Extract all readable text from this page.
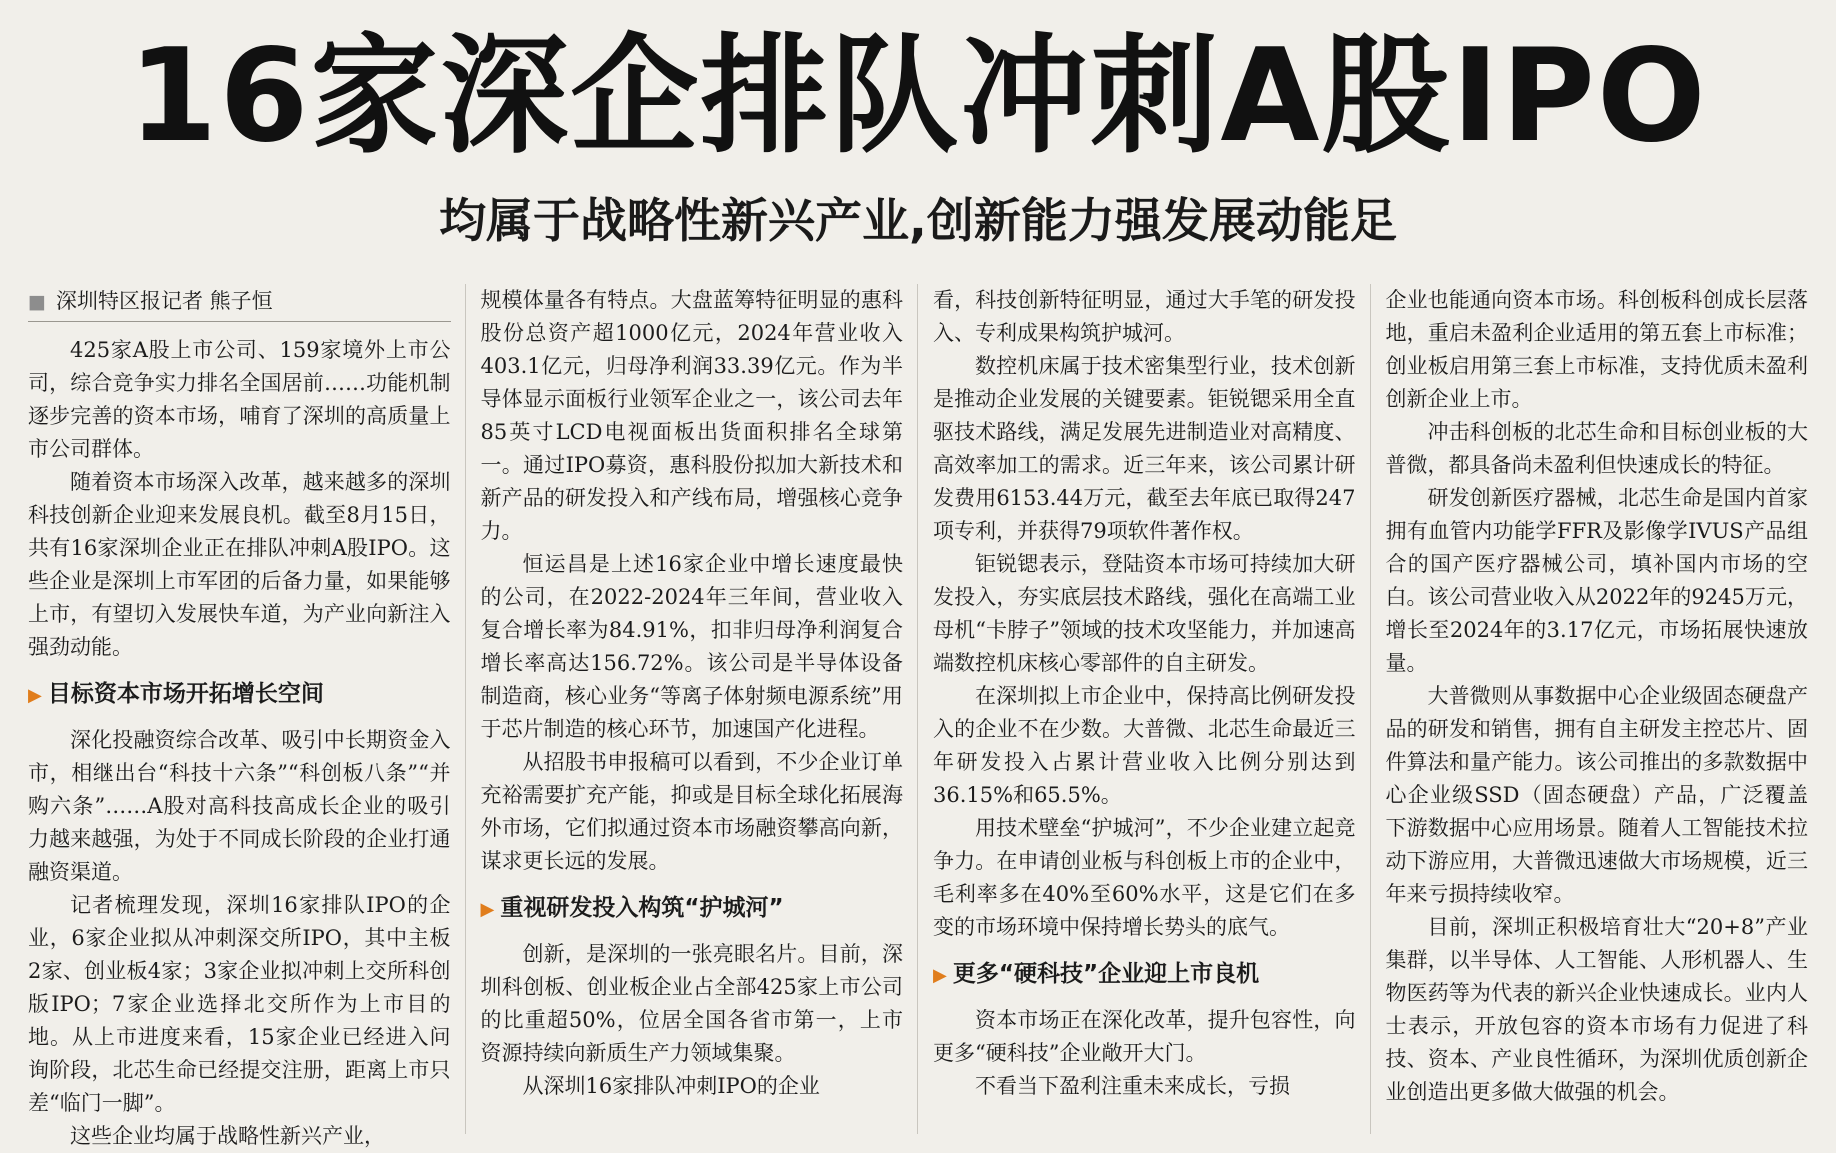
16家深企排队冲刺A股IPO
均属于战略性新兴产业,创新能力强发展动能足
■ 深圳特区报记者 熊子恒

425家A股上市公司、159家境外上市公司，综合竞争实力排名全国居前……功能机制逐步完善的资本市场，哺育了深圳的高质量上市公司群体。

随着资本市场深入改革，越来越多的深圳科技创新企业迎来发展良机。截至8月15日，共有16家深圳企业正在排队冲刺A股IPO。这些企业是深圳上市军团的后备力量，如果能够上市，有望切入发展快车道，为产业向新注入强劲动能。

▶ 目标资本市场开拓增长空间

深化投融资综合改革、吸引中长期资金入市，相继出台“科技十六条”“科创板八条”“并购六条”……A股对高科技高成长企业的吸引力越来越强，为处于不同成长阶段的企业打通融资渠道。

记者梳理发现，深圳16家排队IPO的企业，6家企业拟从冲刺深交所IPO，其中主板2家、创业板4家；3家企业拟冲刺上交所科创版IPO；7家企业选择北交所作为上市目的地。从上市进度来看，15家企业已经进入问询阶段，北芯生命已经提交注册，距离上市只差“临门一脚”。

这些企业均属于战略性新兴产业，

规模体量各有特点。大盘蓝筹特征明显的惠科股份总资产超1000亿元，2024年营业收入403.1亿元，归母净利润33.39亿元。作为半导体显示面板行业领军企业之一，该公司去年85英寸LCD电视面板出货面积排名全球第一。通过IPO募资，惠科股份拟加大新技术和新产品的研发投入和产线布局，增强核心竞争力。

恒运昌是上述16家企业中增长速度最快的公司，在2022-2024年三年间，营业收入复合增长率为84.91%，扣非归母净利润复合增长率高达156.72%。该公司是半导体设备制造商，核心业务“等离子体射频电源系统”用于芯片制造的核心环节，加速国产化进程。

从招股书申报稿可以看到，不少企业订单充裕需要扩充产能，抑或是目标全球化拓展海外市场，它们拟通过资本市场融资攀高向新，谋求更长远的发展。

▶ 重视研发投入构筑“护城河”

创新，是深圳的一张亮眼名片。目前，深圳科创板、创业板企业占全部425家上市公司的比重超50%，位居全国各省市第一，上市资源持续向新质生产力领域集聚。

从深圳16家排队冲刺IPO的企业

看，科技创新特征明显，通过大手笔的研发投入、专利成果构筑护城河。

数控机床属于技术密集型行业，技术创新是推动企业发展的关键要素。钜锐锶采用全直驱技术路线，满足发展先进制造业对高精度、高效率加工的需求。近三年来，该公司累计研发费用6153.44万元，截至去年底已取得247项专利，并获得79项软件著作权。

钜锐锶表示，登陆资本市场可持续加大研发投入，夯实底层技术路线，强化在高端工业母机“卡脖子”领域的技术攻坚能力，并加速高端数控机床核心零部件的自主研发。

在深圳拟上市企业中，保持高比例研发投入的企业不在少数。大普微、北芯生命最近三年研发投入占累计营业收入比例分别达到36.15%和65.5%。

用技术壁垒“护城河”，不少企业建立起竞争力。在申请创业板与科创板上市的企业中，毛利率多在40%至60%水平，这是它们在多变的市场环境中保持增长势头的底气。

▶ 更多“硬科技”企业迎上市良机

资本市场正在深化改革，提升包容性，向更多“硬科技”企业敞开大门。

不看当下盈利注重未来成长，亏损

企业也能通向资本市场。科创板科创成长层落地，重启未盈利企业适用的第五套上市标准；创业板启用第三套上市标准，支持优质未盈利创新企业上市。

冲击科创板的北芯生命和目标创业板的大普微，都具备尚未盈利但快速成长的特征。

研发创新医疗器械，北芯生命是国内首家拥有血管内功能学FFR及影像学IVUS产品组合的国产医疗器械公司，填补国内市场的空白。该公司营业收入从2022年的9245万元，增长至2024年的3.17亿元，市场拓展快速放量。

大普微则从事数据中心企业级固态硬盘产品的研发和销售，拥有自主研发主控芯片、固件算法和量产能力。该公司推出的多款数据中心企业级SSD（固态硬盘）产品，广泛覆盖下游数据中心应用场景。随着人工智能技术拉动下游应用，大普微迅速做大市场规模，近三年来亏损持续收窄。

目前，深圳正积极培育壮大“20+8”产业集群，以半导体、人工智能、人形机器人、生物医药等为代表的新兴企业快速成长。业内人士表示，开放包容的资本市场有力促进了科技、资本、产业良性循环，为深圳优质创新企业创造出更多做大做强的机会。
